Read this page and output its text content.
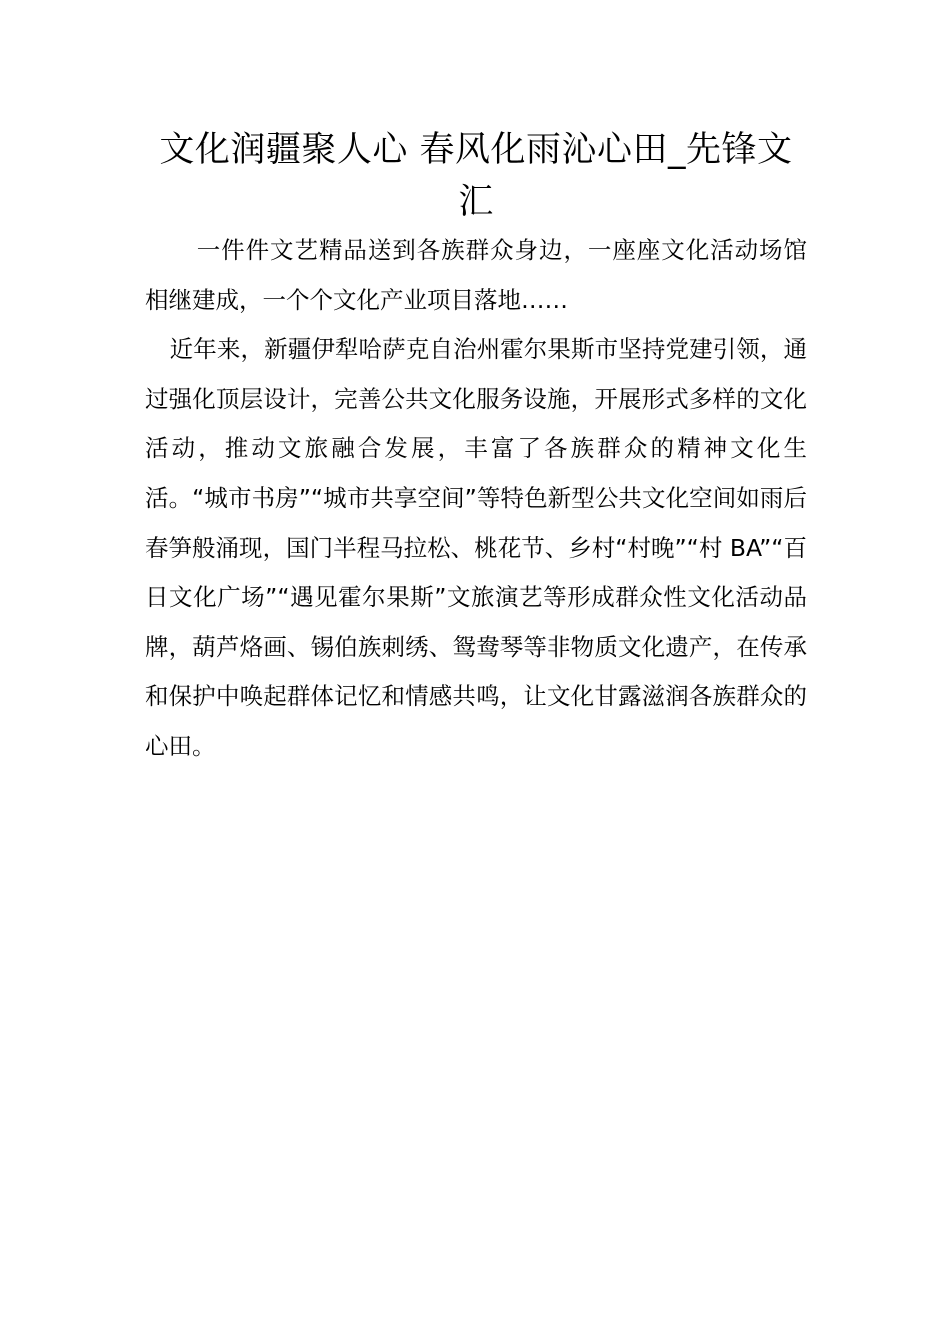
文化润疆聚人心 春风化雨沁心田_先锋文汇

一件件文艺精品送到各族群众身边，一座座文化活动场馆相继建成，一个个文化产业项目落地……

近年来，新疆伊犁哈萨克自治州霍尔果斯市坚持党建引领，通过强化顶层设计，完善公共文化服务设施，开展形式多样的文化活动，推动文旅融合发展，丰富了各族群众的精神文化生活。“城市书房”“城市共享空间”等特色新型公共文化空间如雨后春笋般涌现，国门半程马拉松、桃花节、乡村“村晚”“村 BA”“百日文化广场”“遇见霍尔果斯”文旅演艺等形成群众性文化活动品牌，葫芦烙画、锡伯族刺绣、鸳鸯琴等非物质文化遗产，在传承和保护中唤起群体记忆和情感共鸣，让文化甘露滋润各族群众的心田。
